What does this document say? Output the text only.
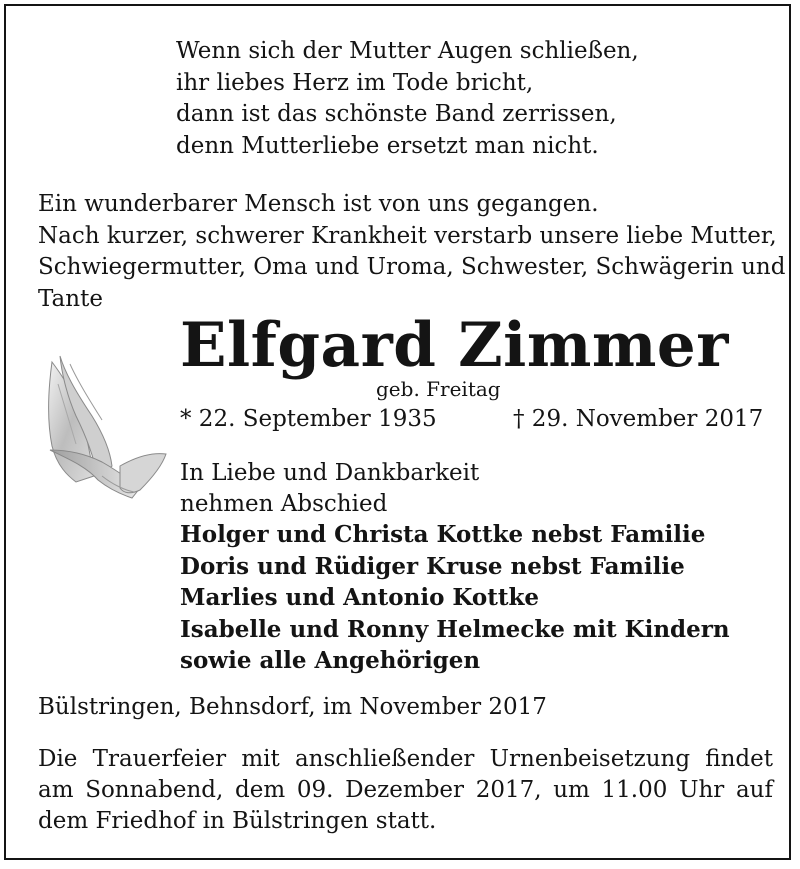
Wenn sich der Mutter Augen schließen,
ihr liebes Herz im Tode bricht,
dann ist das schönste Band zerrissen,
denn Mutterliebe ersetzt man nicht.
Ein wunderbarer Mensch ist von uns gegangen.
Nach kurzer, schwerer Krankheit verstarb unsere liebe Mutter,
Schwiegermutter, Oma und Uroma, Schwester, Schwägerin und
Tante
Elfgard Zimmer
geb. Freitag
* 22. September 1935	† 29. November 2017
In Liebe und Dankbarkeit
nehmen Abschied
Holger und Christa Kottke nebst Familie
Doris und Rüdiger Kruse nebst Familie
Marlies und Antonio Kottke
Isabelle und Ronny Helmecke mit Kindern
sowie alle Angehörigen
Bülstringen, Behnsdorf, im November 2017
Die Trauerfeier mit anschließender Urnenbeisetzung findet am Sonnabend, dem 09. Dezember 2017, um 11.00 Uhr auf dem Friedhof in Bülstringen statt.
